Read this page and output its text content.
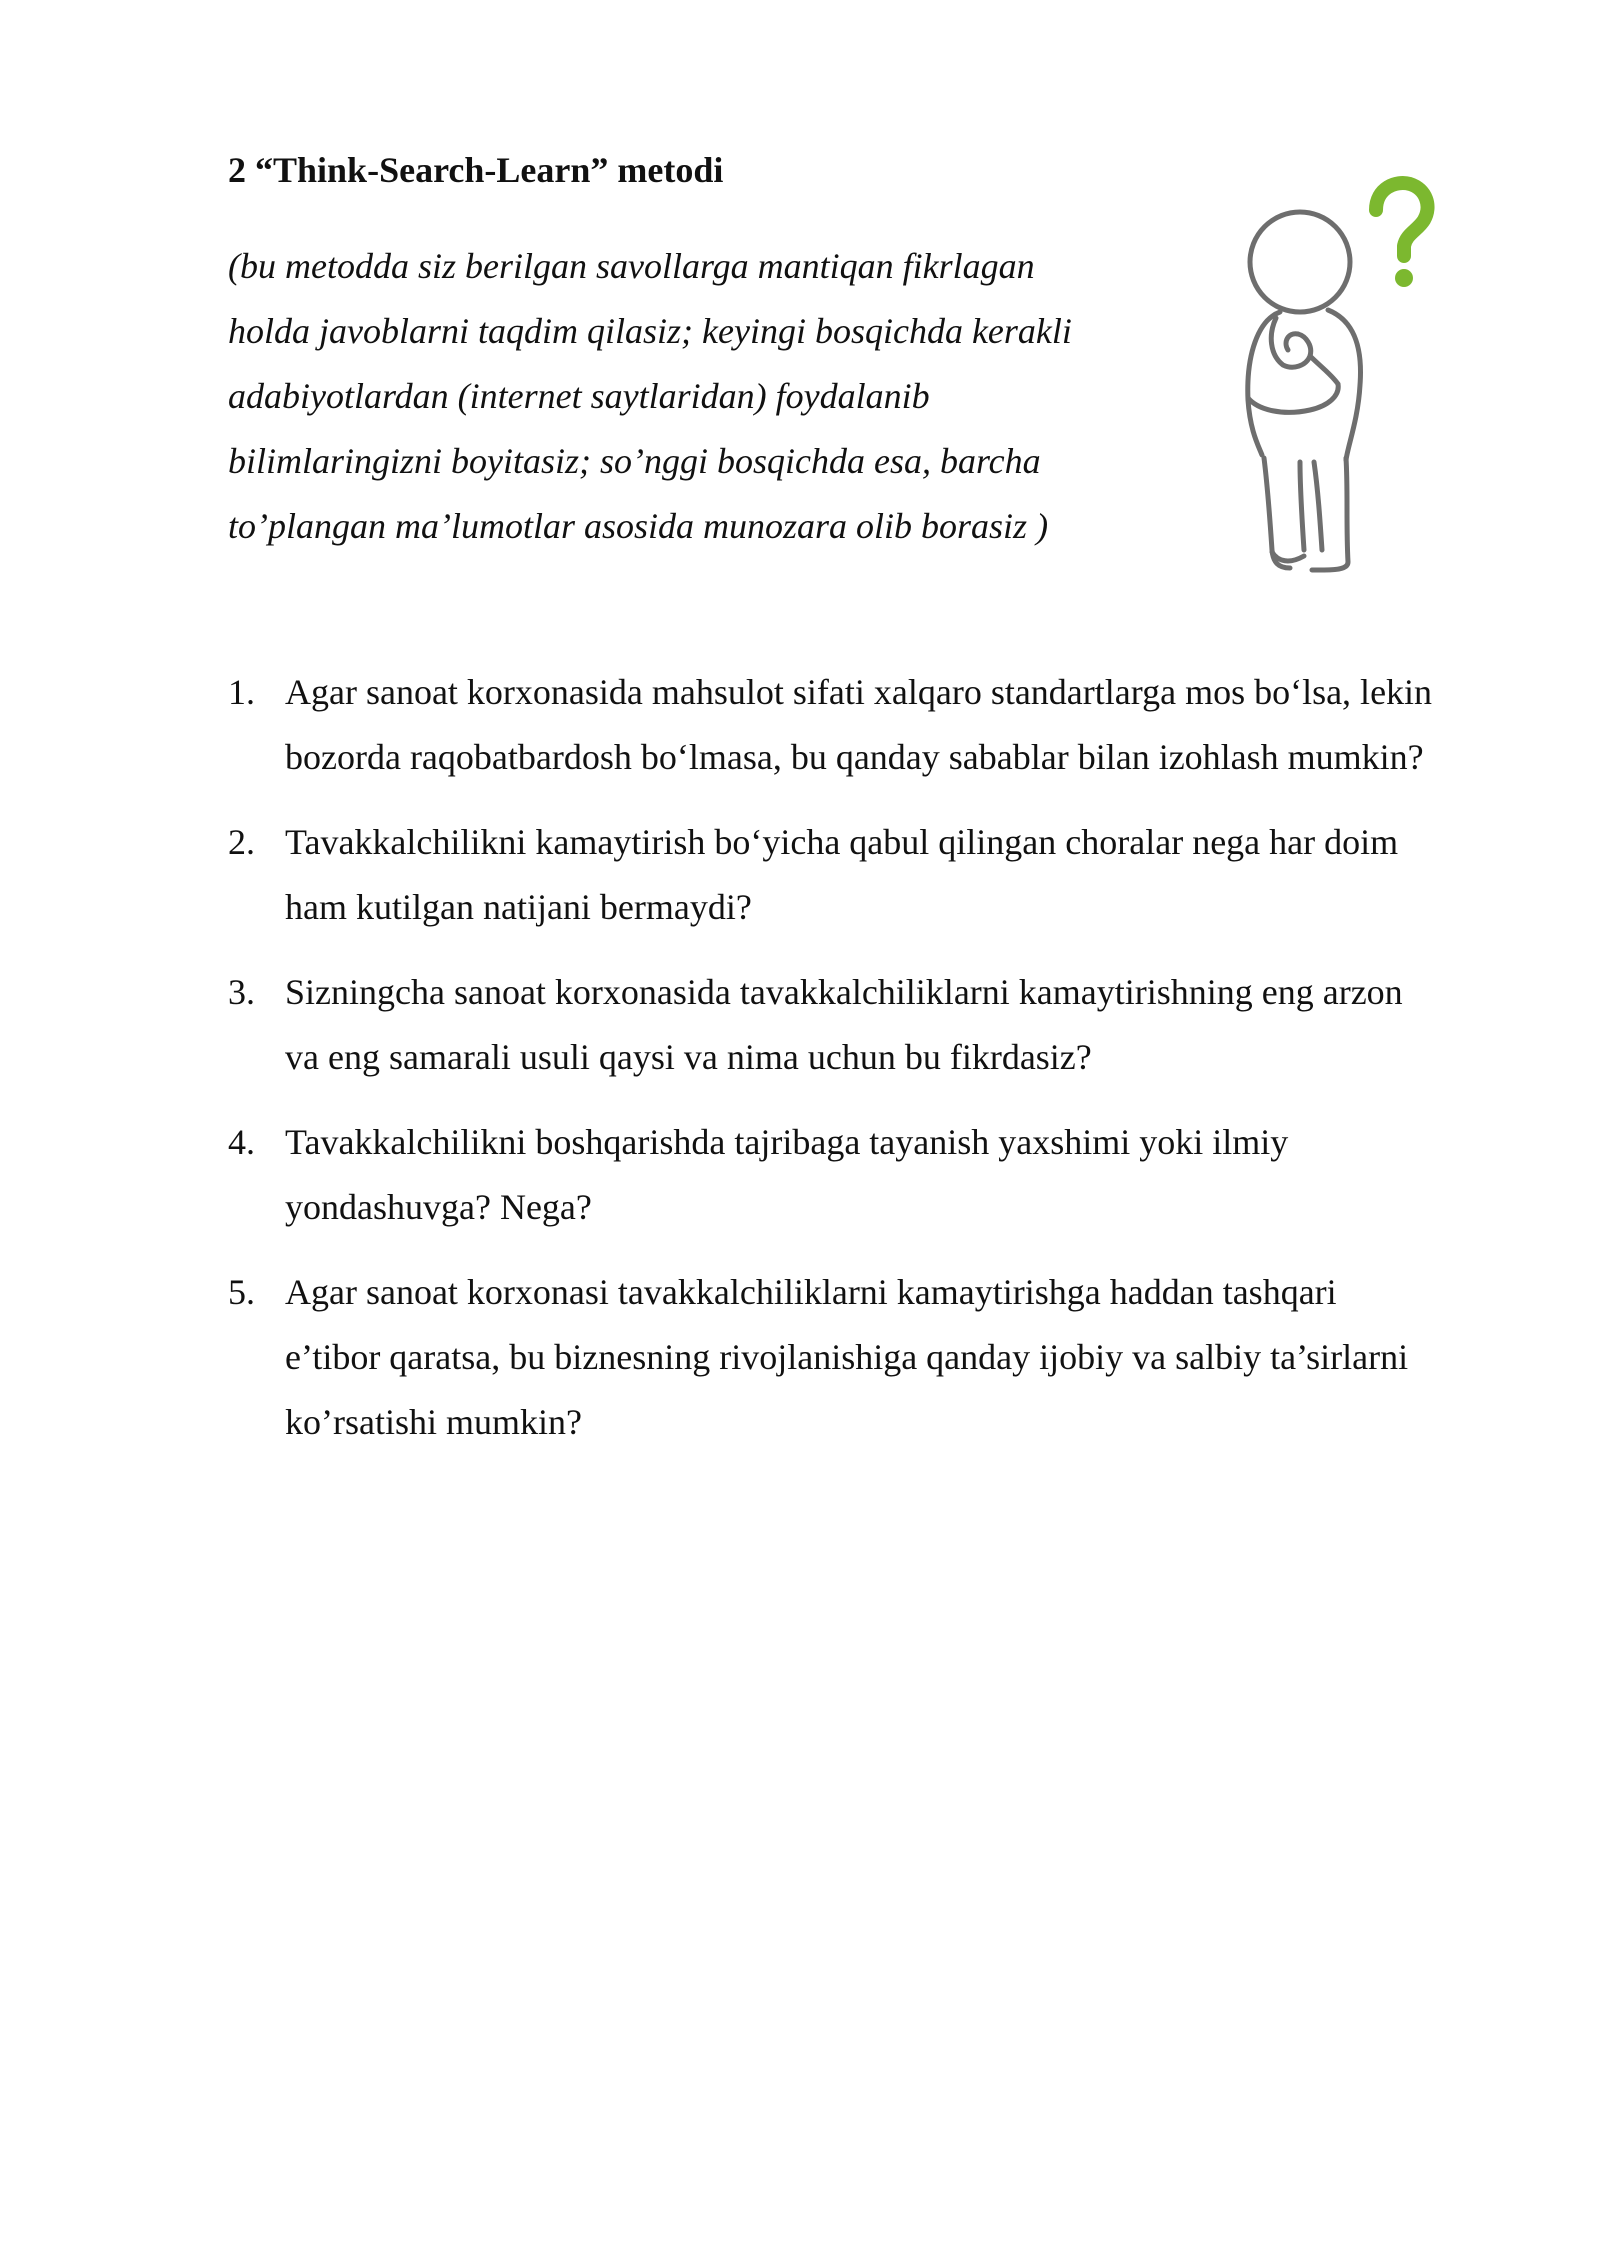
2 “Think-Search-Learn” metodi

(bu metodda siz berilgan savollarga mantiqan fikrlagan
holda javoblarni taqdim qilasiz; keyingi bosqichda kerakli
adabiyotlardan (internet saytlaridan) foydalanib
bilimlaringizni boyitasiz; so’nggi bosqichda esa, barcha
to’plangan ma’lumotlar asosida munozara olib borasiz )

1. Agar sanoat korxonasida mahsulot sifati xalqaro standartlarga mos bo‘lsa, lekin
bozorda raqobatbardosh bo‘lmasa, bu qanday sabablar bilan izohlash mumkin?
2. Tavakkalchilikni kamaytirish bo‘yicha qabul qilingan choralar nega har doim
ham kutilgan natijani bermaydi?
3. Sizningcha sanoat korxonasida tavakkalchiliklarni kamaytirishning eng arzon
va eng samarali usuli qaysi va nima uchun bu fikrdasiz?
4. Tavakkalchilikni boshqarishda tajribaga tayanish yaxshimi yoki ilmiy
yondashuvga? Nega?
5. Agar sanoat korxonasi tavakkalchiliklarni kamaytirishga haddan tashqari
e’tibor qaratsa, bu biznesning rivojlanishiga qanday ijobiy va salbiy ta’sirlarni
ko’rsatishi mumkin?
